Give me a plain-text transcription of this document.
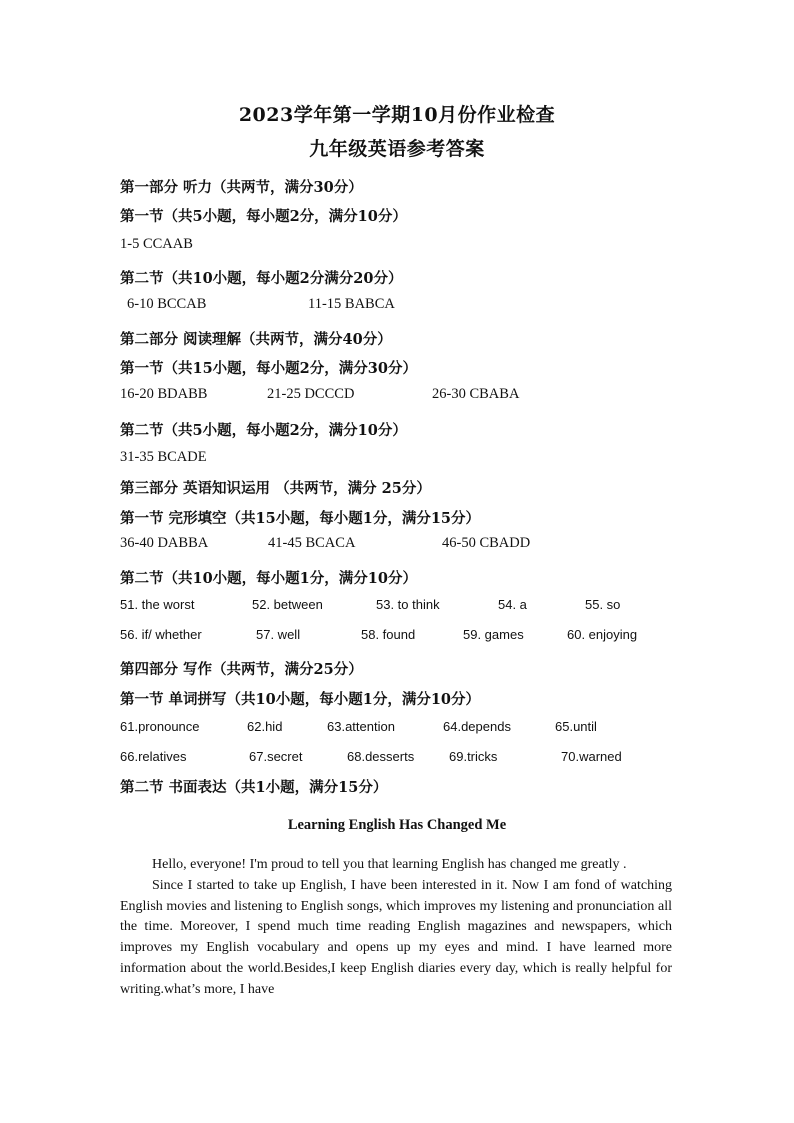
2023学年第一学期10月份作业检查
九年级英语参考答案
第一部分 听力（共两节，满分30分）
第一节（共5小题，每小题2分，满分10分）
1-5 CCAAB
第二节（共10小题，每小题2分满分20分）
6-10 BCCAB	11-15 BABCA
第二部分 阅读理解（共两节，满分40分）
第一节（共15小题，每小题2分，满分30分）
16-20 BDABB	21-25 DCCCD	26-30 CBABA
第二节（共5小题，每小题2分，满分10分）
31-35 BCADE
第三部分 英语知识运用 （共两节，满分 25分）
第一节 完形填空（共15小题，每小题1分，满分15分）
36-40 DABBA	41-45 BCACA	46-50 CBADD
第二节（共10小题，每小题1分，满分10分）
51. the worst	52. between	53. to think	54. a	55. so
56. if/ whether	57. well	58. found	59. games	60. enjoying
第四部分 写作（共两节，满分25分）
第一节 单词拼写（共10小题，每小题1分，满分10分）
61.pronounce	62.hid	63.attention	64.depends	65.until
66.relatives	67.secret	68.desserts	69.tricks	70.warned
第二节 书面表达（共1小题，满分15分）
Learning English Has Changed Me

Hello, everyone! I'm proud to tell you that learning English has changed me greatly .

Since I started to take up English, I have been interested in it. Now I am fond of watching English movies and listening to English songs, which improves my listening and pronunciation all the time. Moreover, I spend much time reading English magazines and newspapers, which improves my English vocabulary and opens up my eyes and mind. I have learned more information about the world.Besides,I keep English diaries every day, which is really helpful for writing.what’s more, I have
